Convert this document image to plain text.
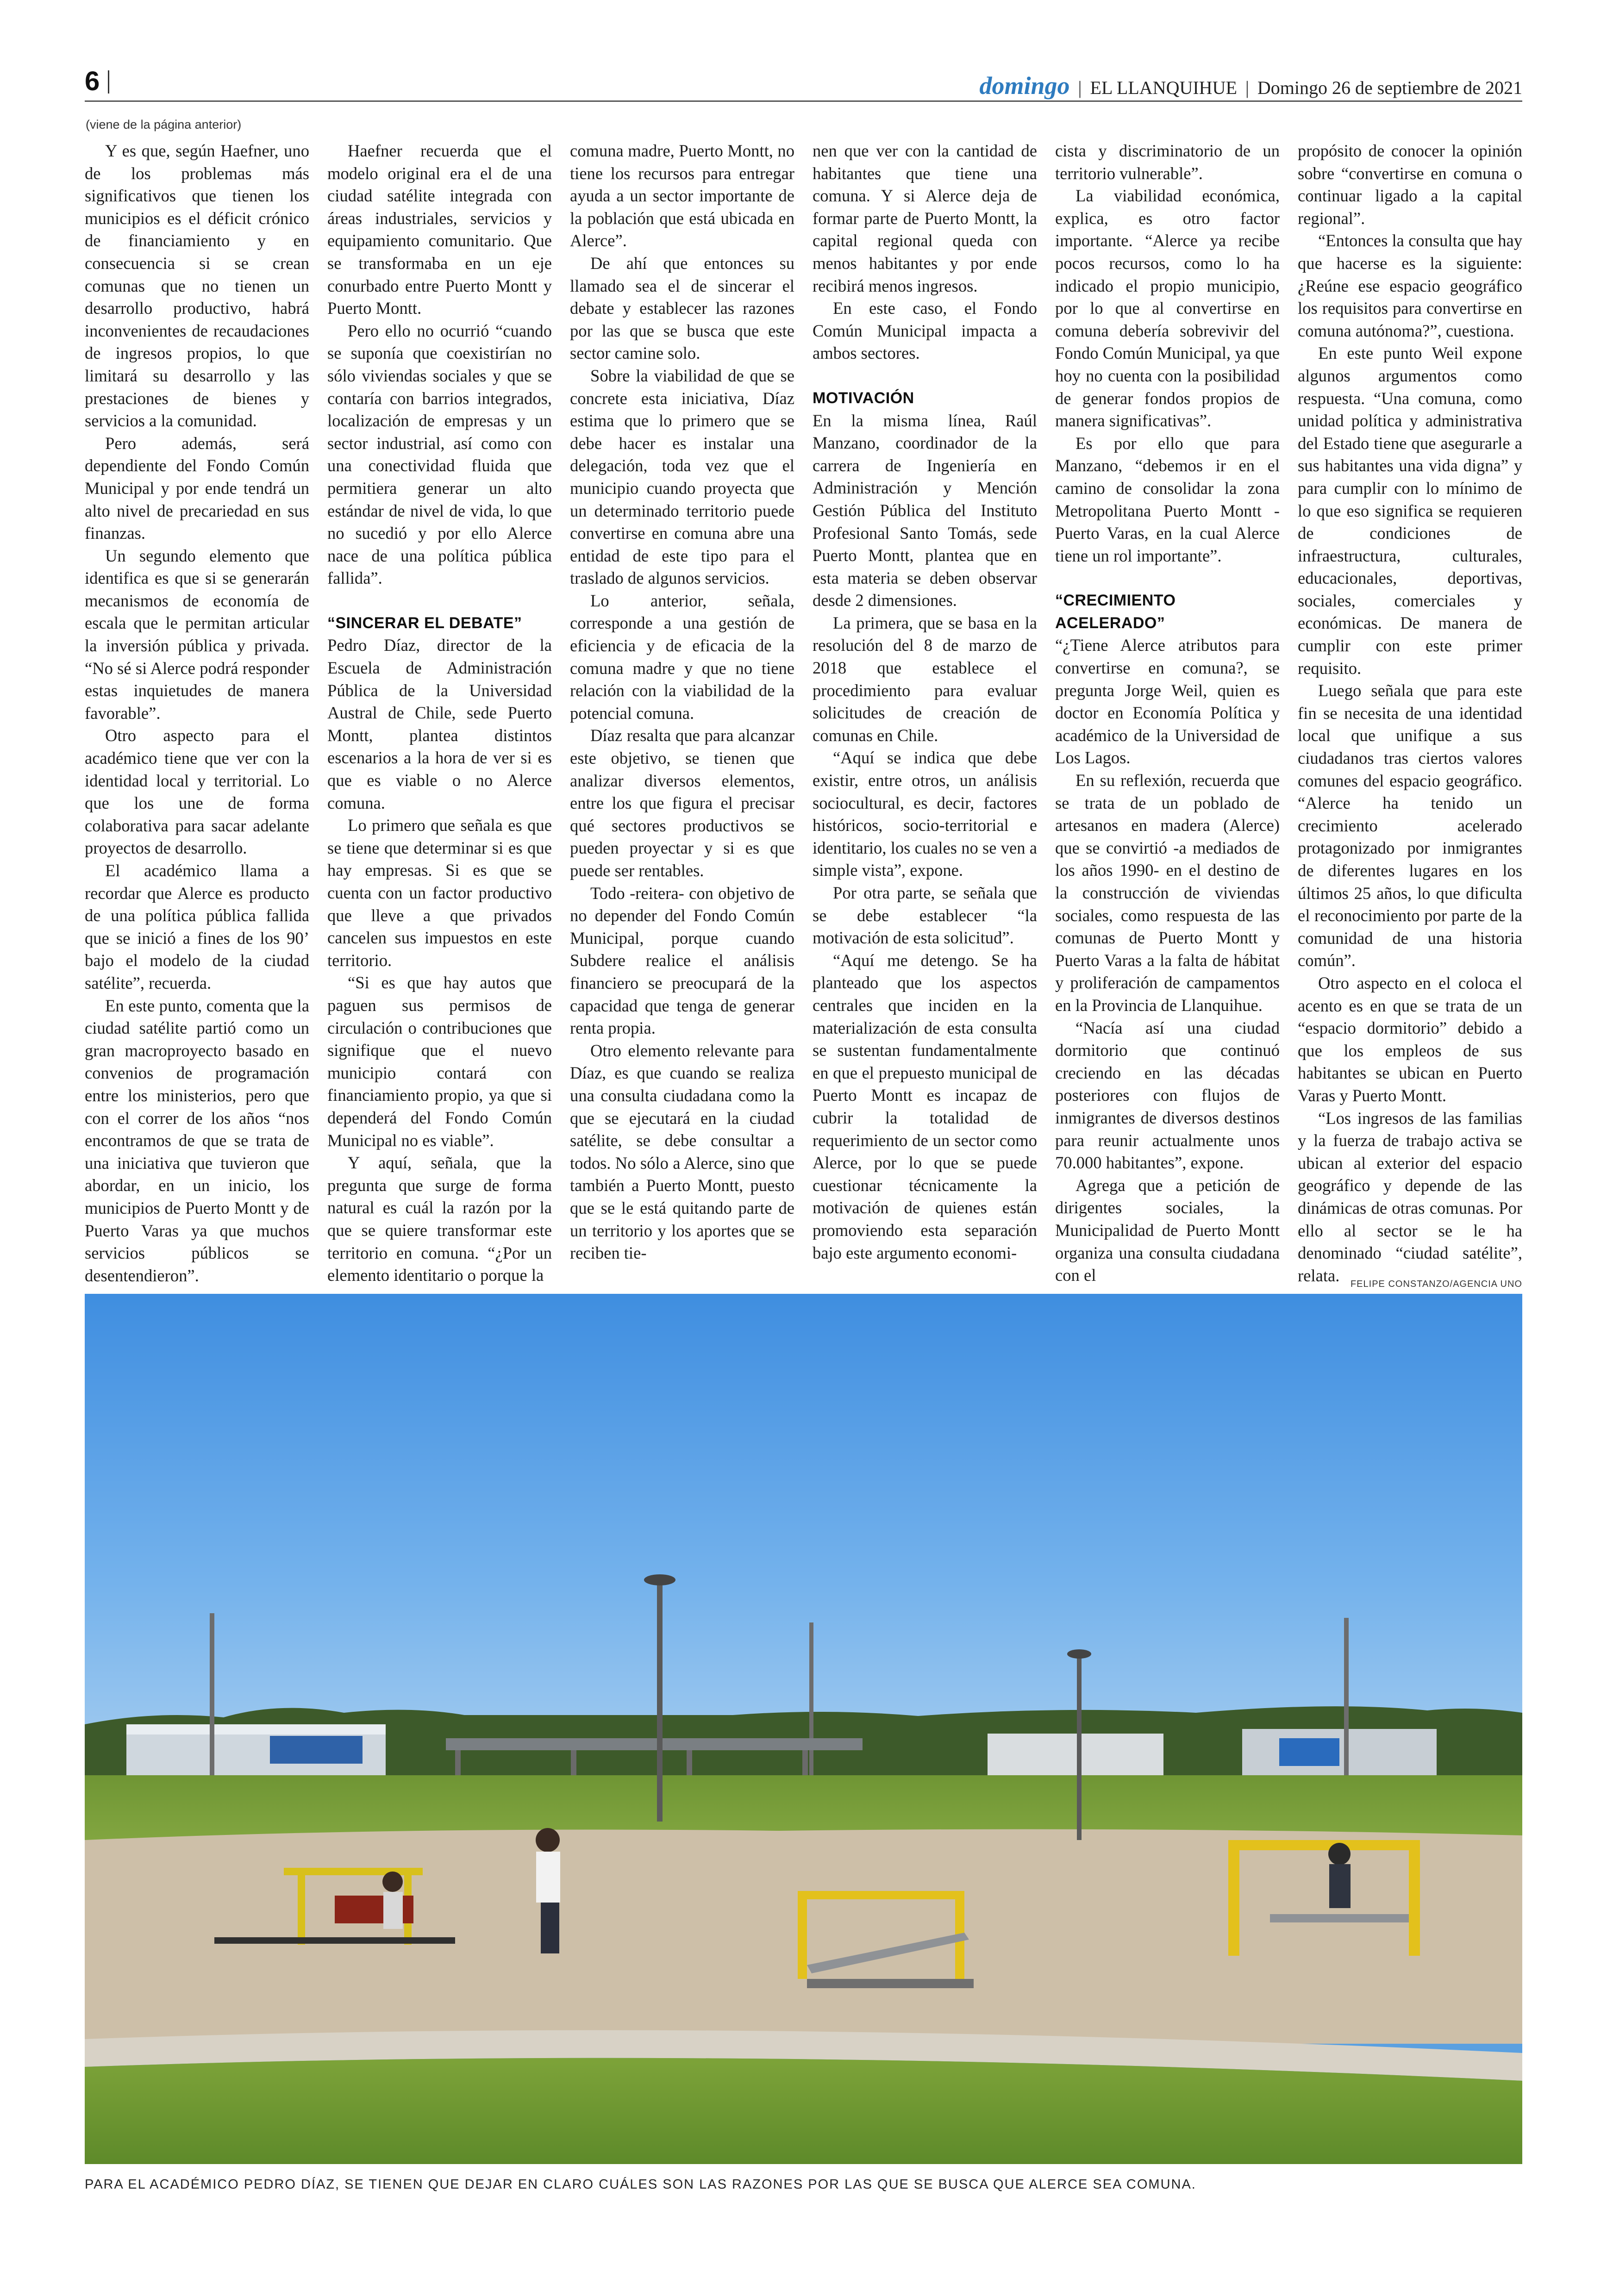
6	domingo | EL LLANQUIHUE | Domingo 26 de septiembre de 2021
(viene de la página anterior)

Y es que, según Haefner, uno de los problemas más significativos que tienen los municipios es el déficit crónico de financiamiento y en consecuencia si se crean comunas que no tienen un desarrollo productivo, habrá inconvenientes de recaudaciones de ingresos propios, lo que limitará su desarrollo y las prestaciones de bienes y servicios a la comunidad.

Pero además, será dependiente del Fondo Común Municipal y por ende tendrá un alto nivel de precariedad en sus finanzas.

Un segundo elemento que identifica es que si se generarán mecanismos de economía de escala que le permitan articular la inversión pública y privada. “No sé si Alerce podrá responder estas inquietudes de manera favorable”.

Otro aspecto para el académico tiene que ver con la identidad local y territorial. Lo que los une de forma colaborativa para sacar adelante proyectos de desarrollo.

El académico llama a recordar que Alerce es producto de una política pública fallida que se inició a fines de los 90’ bajo el modelo de la ciudad satélite”, recuerda.

En este punto, comenta que la ciudad satélite partió como un gran macroproyecto basado en convenios de programación entre los ministerios, pero que con el correr de los años “nos encontramos de que se trata de una iniciativa que tuvieron que abordar, en un inicio, los municipios de Puerto Montt y de Puerto Varas ya que muchos servicios públicos se desentendieron”.

Haefner recuerda que el modelo original era el de una ciudad satélite integrada con áreas industriales, servicios y equipamiento comunitario. Que se transformaba en un eje conurbado entre Puerto Montt y Puerto Montt.

Pero ello no ocurrió “cuando se suponía que coexistirían no sólo viviendas sociales y que se contaría con barrios integrados, localización de empresas y un sector industrial, así como con una conectividad fluida que permitiera generar un alto estándar de nivel de vida, lo que no sucedió y por ello Alerce nace de una política pública fallida”.

“SINCERAR EL DEBATE”

Pedro Díaz, director de la Escuela de Administración Pública de la Universidad Austral de Chile, sede Puerto Montt, plantea distintos escenarios a la hora de ver si es que es viable o no Alerce comuna.

Lo primero que señala es que se tiene que determinar si es que hay empresas. Si es que se cuenta con un factor productivo que lleve a que privados cancelen sus impuestos en este territorio.

“Si es que hay autos que paguen sus permisos de circulación o contribuciones que signifique que el nuevo municipio contará con financiamiento propio, ya que si dependerá del Fondo Común Municipal no es viable”.

Y aquí, señala, que la pregunta que surge de forma natural es cuál la razón por la que se quiere transformar este territorio en comuna. “¿Por un elemento identitario o porque la

comuna madre, Puerto Montt, no tiene los recursos para entregar ayuda a un sector importante de la población que está ubicada en Alerce”.

De ahí que entonces su llamado sea el de sincerar el debate y establecer las razones por las que se busca que este sector camine solo.

Sobre la viabilidad de que se concrete esta iniciativa, Díaz estima que lo primero que se debe hacer es instalar una delegación, toda vez que el municipio cuando proyecta que un determinado territorio puede convertirse en comuna abre una entidad de este tipo para el traslado de algunos servicios.

Lo anterior, señala, corresponde a una gestión de eficiencia y de eficacia de la comuna madre y que no tiene relación con la viabilidad de la potencial comuna.

Díaz resalta que para alcanzar este objetivo, se tienen que analizar diversos elementos, entre los que figura el precisar qué sectores productivos se pueden proyectar y si es que puede ser rentables.

Todo -reitera- con objetivo de no depender del Fondo Común Municipal, porque cuando Subdere realice el análisis financiero se preocupará de la capacidad que tenga de generar renta propia.

Otro elemento relevante para Díaz, es que cuando se realiza una consulta ciudadana como la que se ejecutará en la ciudad satélite, se debe consultar a todos. No sólo a Alerce, sino que también a Puerto Montt, puesto que se le está quitando parte de un territorio y los aportes que se reciben tie-

nen que ver con la cantidad de habitantes que tiene una comuna. Y si Alerce deja de formar parte de Puerto Montt, la capital regional queda con menos habitantes y por ende recibirá menos ingresos.

En este caso, el Fondo Común Municipal impacta a ambos sectores.

MOTIVACIÓN

En la misma línea, Raúl Manzano, coordinador de la carrera de Ingeniería en Administración y Mención Gestión Pública del Instituto Profesional Santo Tomás, sede Puerto Montt, plantea que en esta materia se deben observar desde 2 dimensiones.

La primera, que se basa en la resolución del 8 de marzo de 2018 que establece el procedimiento para evaluar solicitudes de creación de comunas en Chile.

“Aquí se indica que debe existir, entre otros, un análisis sociocultural, es decir, factores históricos, socio-territorial e identitario, los cuales no se ven a simple vista”, expone.

Por otra parte, se señala que se debe establecer “la motivación de esta solicitud”.

“Aquí me detengo. Se ha planteado que los aspectos centrales que inciden en la materialización de esta consulta se sustentan fundamentalmente en que el prepuesto municipal de Puerto Montt es incapaz de cubrir la totalidad de requerimiento de un sector como Alerce, por lo que se puede cuestionar técnicamente la motivación de quienes están promoviendo esta separación bajo este argumento economi-

cista y discriminatorio de un territorio vulnerable”.

La viabilidad económica, explica, es otro factor importante. “Alerce ya recibe pocos recursos, como lo ha indicado el propio municipio, por lo que al convertirse en comuna debería sobrevivir del Fondo Común Municipal, ya que hoy no cuenta con la posibilidad de generar fondos propios de manera significativas”.

Es por ello que para Manzano, “debemos ir en el camino de consolidar la zona Metropolitana Puerto Montt - Puerto Varas, en la cual Alerce tiene un rol importante”.

“CRECIMIENTO ACELERADO”

“¿Tiene Alerce atributos para convertirse en comuna?, se pregunta Jorge Weil, quien es doctor en Economía Política y académico de la Universidad de Los Lagos.

En su reflexión, recuerda que se trata de un poblado de artesanos en madera (Alerce) que se convirtió -a mediados de los años 1990- en el destino de la construcción de viviendas sociales, como respuesta de las comunas de Puerto Montt y Puerto Varas a la falta de hábitat y proliferación de campamentos en la Provincia de Llanquihue.

“Nacía así una ciudad dormitorio que continuó creciendo en las décadas posteriores con flujos de inmigrantes de diversos destinos para reunir actualmente unos 70.000 habitantes”, expone.

Agrega que a petición de dirigentes sociales, la Municipalidad de Puerto Montt organiza una consulta ciudadana con el

propósito de conocer la opinión sobre “convertirse en comuna o continuar ligado a la capital regional”.

“Entonces la consulta que hay que hacerse es la siguiente: ¿Reúne ese espacio geográfico los requisitos para convertirse en comuna autónoma?”, cuestiona.

En este punto Weil expone algunos argumentos como respuesta. “Una comuna, como unidad política y administrativa del Estado tiene que asegurarle a sus habitantes una vida digna” y para cumplir con lo mínimo de lo que eso significa se requieren de condiciones de infraestructura, culturales, educacionales, deportivas, sociales, comerciales y económicas. De manera de cumplir con este primer requisito.

Luego señala que para este fin se necesita de una identidad local que unifique a sus ciudadanos tras ciertos valores comunes del espacio geográfico. “Alerce ha tenido un crecimiento acelerado protagonizado por inmigrantes de diferentes lugares en los últimos 25 años, lo que dificulta el reconocimiento por parte de la comunidad de una historia común”.

Otro aspecto en el coloca el acento es en que se trata de un “espacio dormitorio” debido a que los empleos de sus habitantes se ubican en Puerto Varas y Puerto Montt.

“Los ingresos de las familias y la fuerza de trabajo activa se ubican al exterior del espacio geográfico y depende de las dinámicas de otras comunas. Por ello al sector se le ha denominado “ciudad satélite”, relata.	FELIPE CONSTANZO/AGENCIA UNO
PARA EL ACADÉMICO PEDRO DÍAZ, SE TIENEN QUE DEJAR EN CLARO CUÁLES SON LAS RAZONES POR LAS QUE SE BUSCA QUE ALERCE SEA COMUNA.
